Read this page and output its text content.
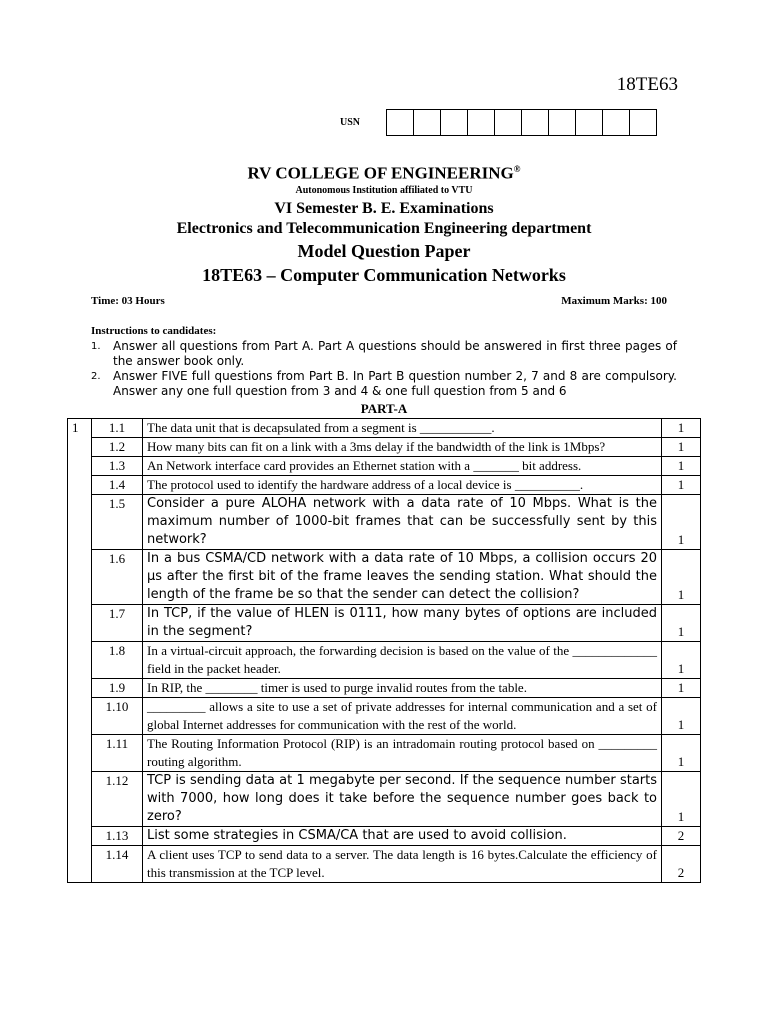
18TE63
USN
RV COLLEGE OF ENGINEERING®
Autonomous Institution affiliated to VTU
VI Semester B. E. Examinations
Electronics and Telecommunication Engineering department
Model Question Paper
18TE63 – Computer Communication Networks
Time: 03 Hours	Maximum Marks: 100
Instructions to candidates:
1.	Answer all questions from Part A. Part A questions should be answered in first three pages of the answer book only.
2.	Answer FIVE full questions from Part B. In Part B question number 2, 7 and 8 are compulsory. Answer any one full question from 3 and 4 & one full question from 5 and 6
PART-A
1	1.1	The data unit that is decapsulated from a segment is ___________.	1
	1.2	How many bits can fit on a link with a 3ms delay if the bandwidth of the link is 1Mbps?	1
	1.3	An Network interface card provides an Ethernet station with a _______ bit address.	1
	1.4	The protocol used to identify the hardware address of a local device is __________.	1
	1.5	Consider a pure ALOHA network with a data rate of 10 Mbps. What is the maximum number of 1000-bit frames that can be successfully sent by this network?	1
	1.6	In a bus CSMA/CD network with a data rate of 10 Mbps, a collision occurs 20 µs after the first bit of the frame leaves the sending station. What should the length of the frame be so that the sender can detect the collision?	1
	1.7	In TCP, if the value of HLEN is 0111, how many bytes of options are included in the segment?	1
	1.8	In a virtual-circuit approach, the forwarding decision is based on the value of the _____________ field in the packet header.	1
	1.9	In RIP, the ________ timer is used to purge invalid routes from the table.	1
	1.10	_________ allows a site to use a set of private addresses for internal communication and a set of global Internet addresses for communication with the rest of the world.	1
	1.11	The Routing Information Protocol (RIP) is an intradomain routing protocol based on _________ routing algorithm.	1
	1.12	TCP is sending data at 1 megabyte per second. If the sequence number starts with 7000, how long does it take before the sequence number goes back to zero?	1
	1.13	List some strategies in CSMA/CA that are used to avoid collision.	2
	1.14	A client uses TCP to send data to a server. The data length is 16 bytes.Calculate the efficiency of this transmission at the TCP level.	2
